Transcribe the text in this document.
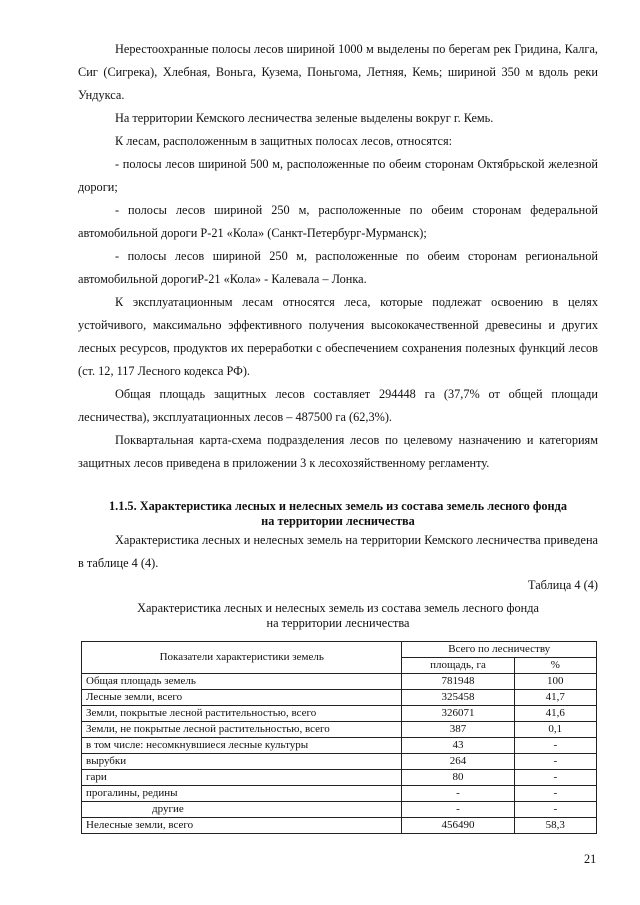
Нерестоохранные полосы лесов шириной 1000 м выделены по берегам рек Гридина, Калга, Сиг (Сигрека), Хлебная, Воньга, Кузема, Поньгома, Летняя, Кемь; шириной 350 м вдоль реки Ундукса.

На территории Кемского лесничества зеленые выделены вокруг г. Кемь.

К лесам, расположенным в защитных полосах лесов, относятся:

- полосы лесов шириной 500 м, расположенные по обеим сторонам Октябрьской железной дороги;

- полосы лесов шириной 250 м, расположенные по обеим сторонам федеральной автомобильной дороги Р-21 «Кола» (Санкт-Петербург-Мурманск);

- полосы лесов шириной 250 м, расположенные по обеим сторонам региональной автомобильной дорогиР-21 «Кола» - Калевала – Лонка.

К эксплуатационным лесам относятся леса, которые подлежат освоению в целях устойчивого, максимально эффективного получения высококачественной древесины и других лесных ресурсов, продуктов их переработки с обеспечением сохранения полезных функций лесов (ст. 12, 117 Лесного кодекса РФ).

Общая площадь защитных лесов составляет 294448 га (37,7% от общей площади лесничества), эксплуатационных лесов – 487500 га (62,3%).

Поквартальная карта-схема подразделения лесов по целевому назначению и категориям защитных лесов приведена в приложении 3 к лесохозяйственному регламенту.

1.1.5. Характеристика лесных и нелесных земель из состава земель лесного фонда
на территории лесничества

Характеристика лесных и нелесных земель на территории Кемского лесничества приведена в таблице 4 (4).

Таблица 4 (4)
Характеристика лесных и нелесных земель из состава земель лесного фонда
на территории лесничества
Показатели характеристики земель	Всего по лесничеству	
	площадь, га	%
Общая площадь земель	781948	100
Лесные земли, всего	325458	41,7
Земли, покрытые лесной растительностью, всего	326071	41,6
Земли, не покрытые лесной растительностью, всего	387	0,1
в том числе: несомкнувшиеся лесные культуры	43	-
вырубки	264	-
гари	80	-
прогалины, редины	-	-
другие	-	-
Нелесные земли, всего	456490	58,3
21
